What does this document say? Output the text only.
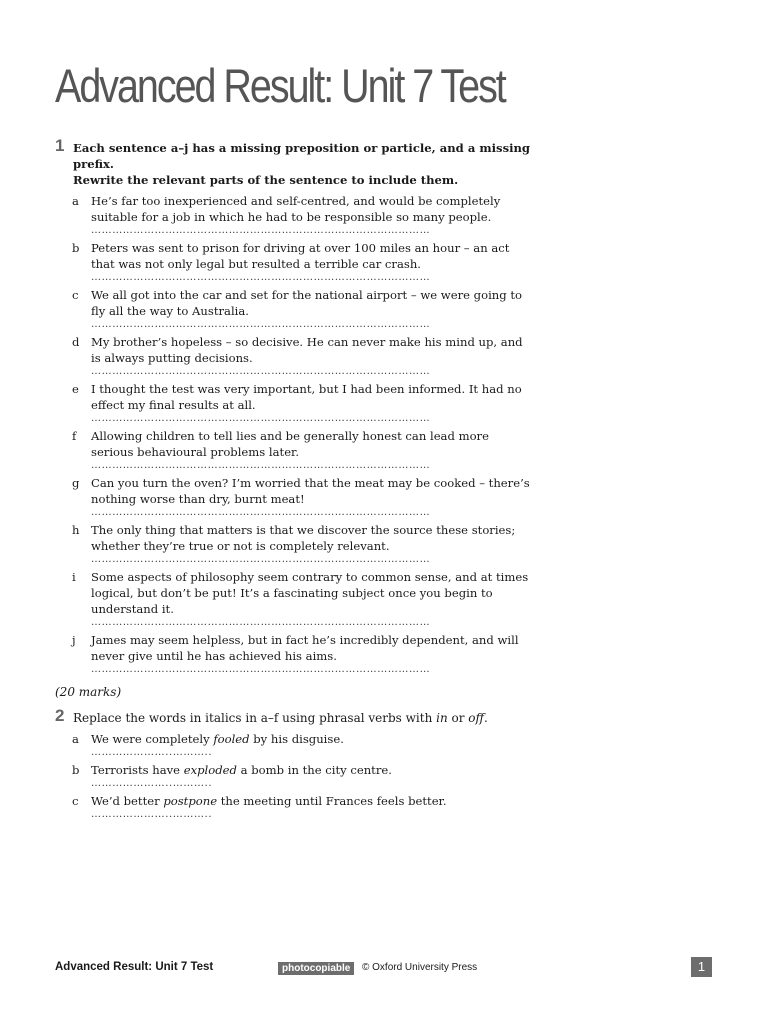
Advanced Result: Unit 7 Test
1 Each sentence a–j has a missing preposition or particle, and a missing prefix.
Rewrite the relevant parts of the sentence to include them.
a He’s far too inexperienced and self-centred, and would be completely suitable for a job in which he had to be responsible so many people.
……………………………………………………………………………………
b Peters was sent to prison for driving at over 100 miles an hour – an act that was not only legal but resulted a terrible car crash.
……………………………………………………………………………………
c We all got into the car and set for the national airport – we were going to fly all the way to Australia.
……………………………………………………………………………………
d My brother’s hopeless – so decisive. He can never make his mind up, and is always putting decisions.
……………………………………………………………………………………
e I thought the test was very important, but I had been informed. It had no effect my final results at all.
……………………………………………………………………………………
f Allowing children to tell lies and be generally honest can lead more serious behavioural problems later.
……………………………………………………………………………………
g Can you turn the oven? I’m worried that the meat may be cooked – there’s nothing worse than dry, burnt meat!
……………………………………………………………………………………
h The only thing that matters is that we discover the source these stories; whether they’re true or not is completely relevant.
……………………………………………………………………………………
i Some aspects of philosophy seem contrary to common sense, and at times logical, but don’t be put! It’s a fascinating subject once you begin to understand it.
……………………………………………………………………………………
j James may seem helpless, but in fact he’s incredibly dependent, and will never give until he has achieved his aims.
……………………………………………………………………………………

(20 marks)

2 Replace the words in italics in a–f using phrasal verbs with in or off.
a We were completely fooled by his disguise.
…………………..………..
b Terrorists have exploded a bomb in the city centre.
…………………..………..
c We’d better postpone the meeting until Frances feels better.
…………………..………..
Advanced Result: Unit 7 Test	photocopiable	© Oxford University Press	1
